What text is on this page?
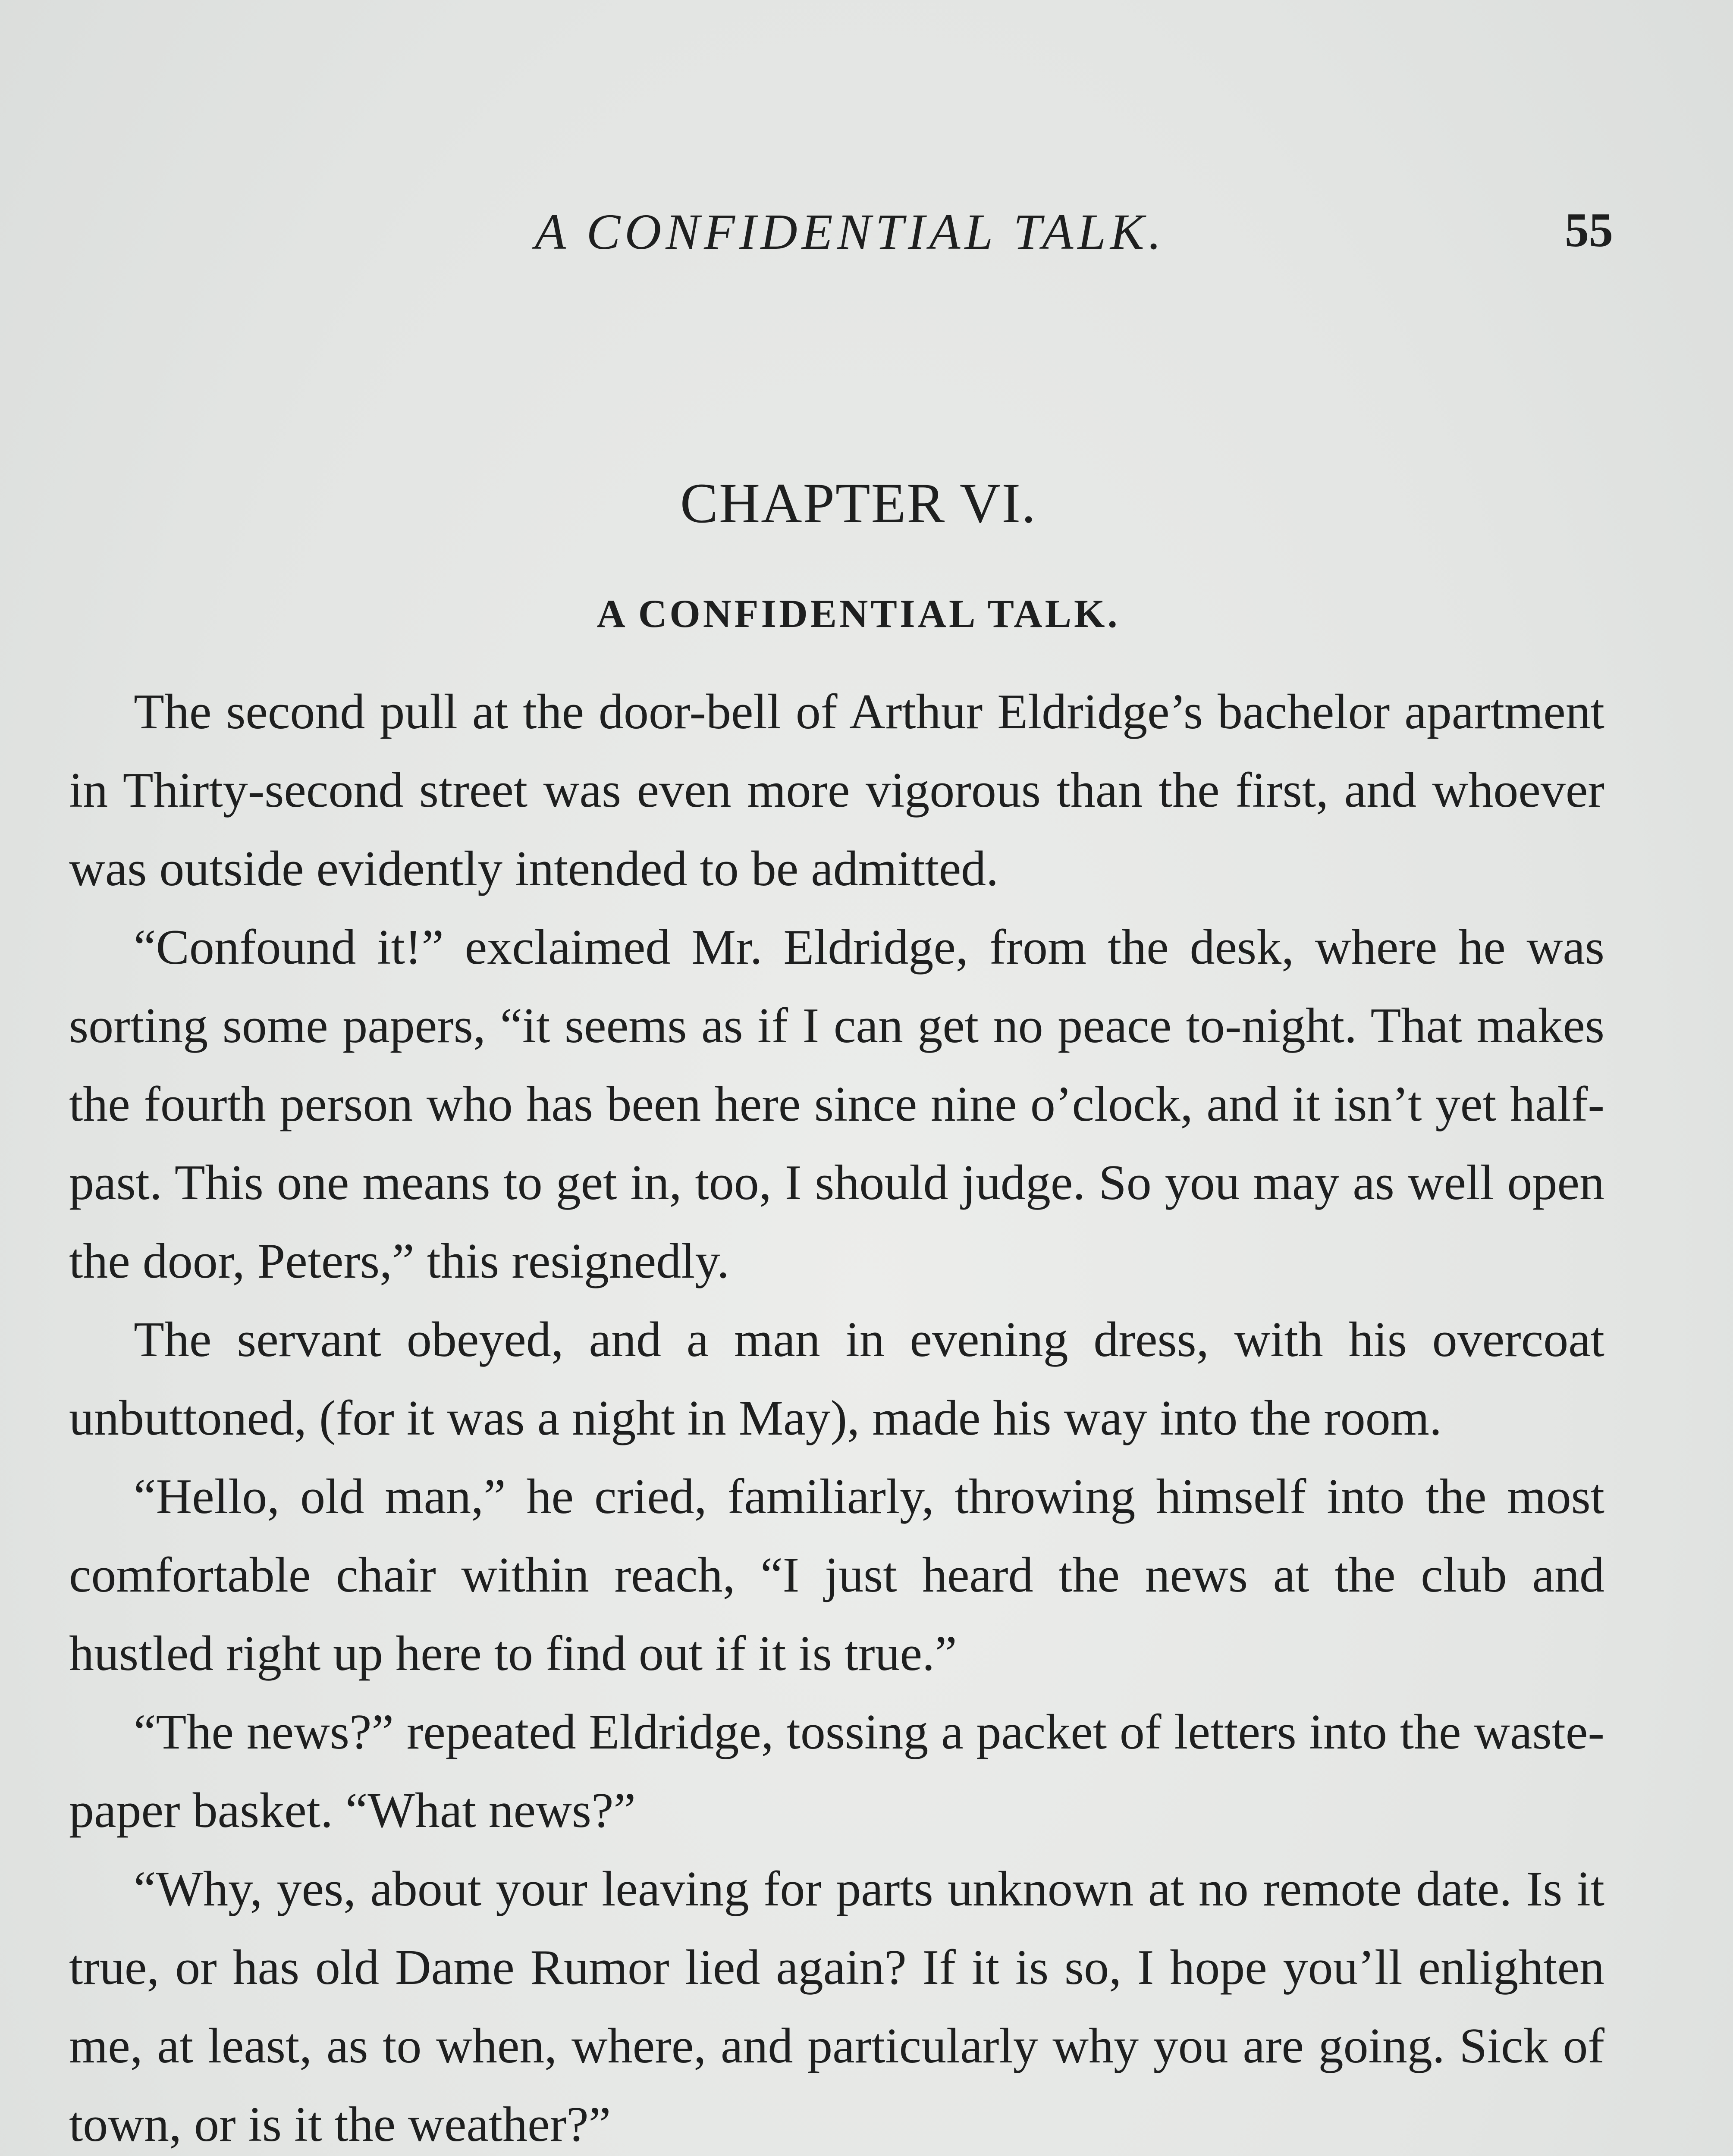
A CONFIDENTIAL TALK.	55
CHAPTER VI.
A CONFIDENTIAL TALK.

The second pull at the door-bell of Arthur Eldridge’s bachelor apartment in Thirty-second street was even more vigorous than the first, and whoever was outside evidently intended to be admitted.

“Confound it!” exclaimed Mr. Eldridge, from the desk, where he was sorting some papers, “it seems as if I can get no peace to-night. That makes the fourth person who has been here since nine o’clock, and it isn’t yet half-past. This one means to get in, too, I should judge. So you may as well open the door, Peters,” this resignedly.

The servant obeyed, and a man in evening dress, with his overcoat unbuttoned, (for it was a night in May), made his way into the room.

“Hello, old man,” he cried, familiarly, throwing himself into the most comfortable chair within reach, “I just heard the news at the club and hustled right up here to find out if it is true.”

“The news?” repeated Eldridge, tossing a packet of letters into the waste-paper basket. “What news?”

“Why, yes, about your leaving for parts unknown at no remote date. Is it true, or has old Dame Rumor lied again? If it is so, I hope you’ll enlighten me, at least, as to when, where, and particularly why you are going. Sick of town, or is it the weather?”
